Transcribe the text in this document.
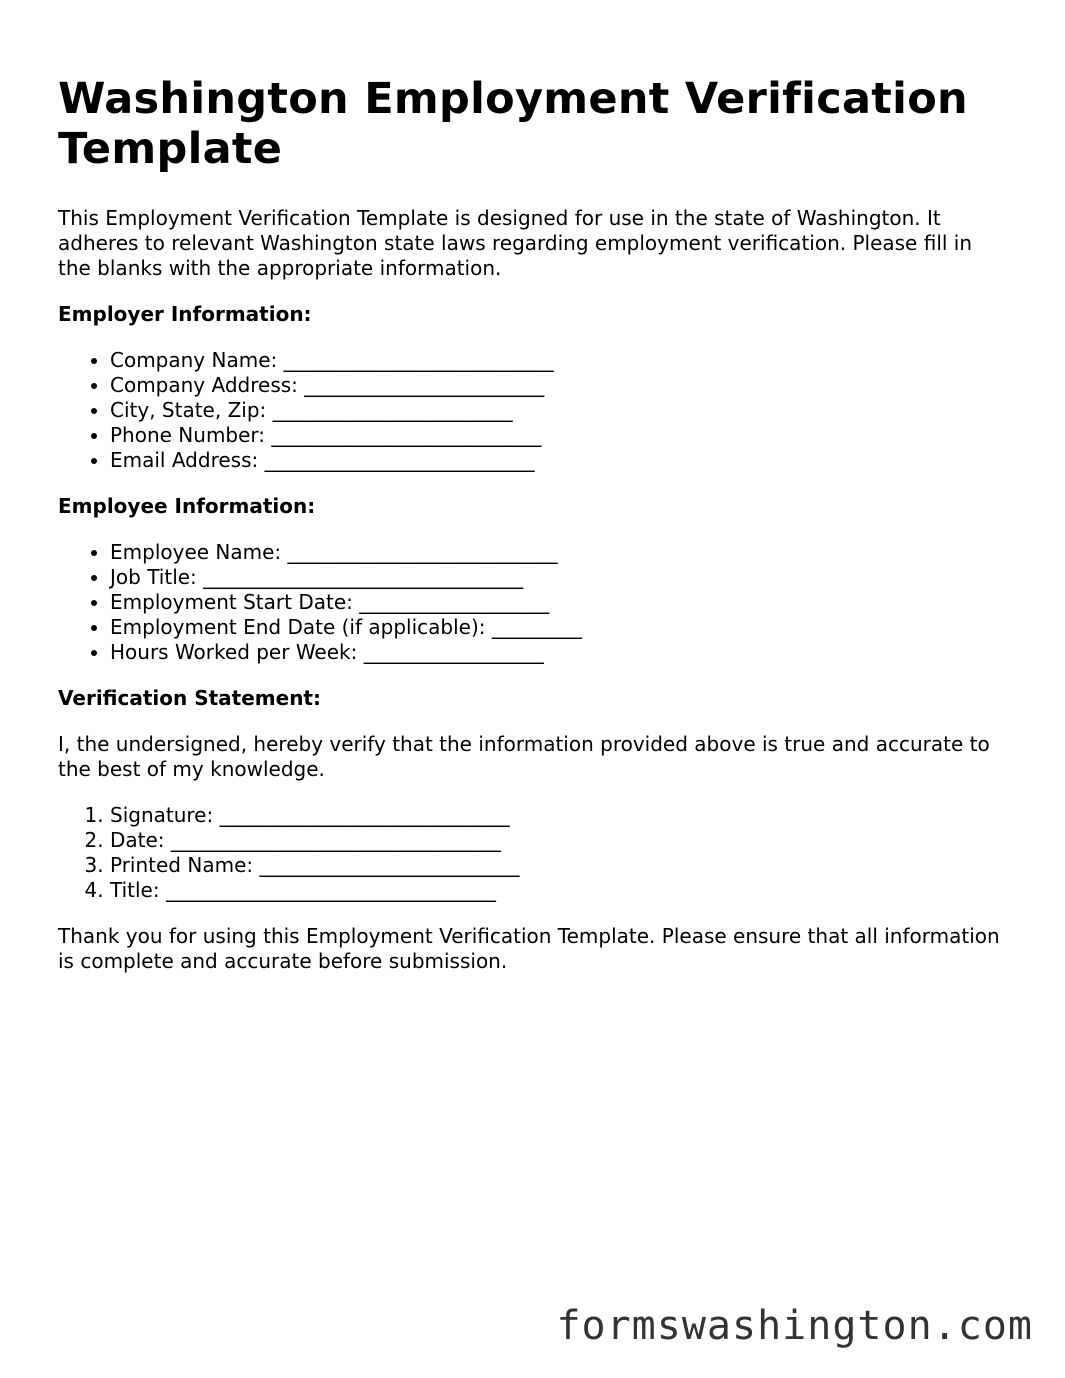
Washington Employment Verification Template

This Employment Verification Template is designed for use in the state of Washington. It adheres to relevant Washington state laws regarding employment verification. Please fill in the blanks with the appropriate information.

Employer Information:
• Company Name: ___________________________
• Company Address: ________________________
• City, State, Zip: ________________________
• Phone Number: ___________________________
• Email Address: ___________________________
Employee Information:
• Employee Name: ___________________________
• Job Title: ________________________________
• Employment Start Date: ___________________
• Employment End Date (if applicable): _________
• Hours Worked per Week: __________________
Verification Statement:

I, the undersigned, hereby verify that the information provided above is true and accurate to the best of my knowledge.

1. Signature: _____________________________
2. Date: _________________________________
3. Printed Name: __________________________
4. Title: _________________________________

Thank you for using this Employment Verification Template. Please ensure that all information is complete and accurate before submission.

formswashington.com
